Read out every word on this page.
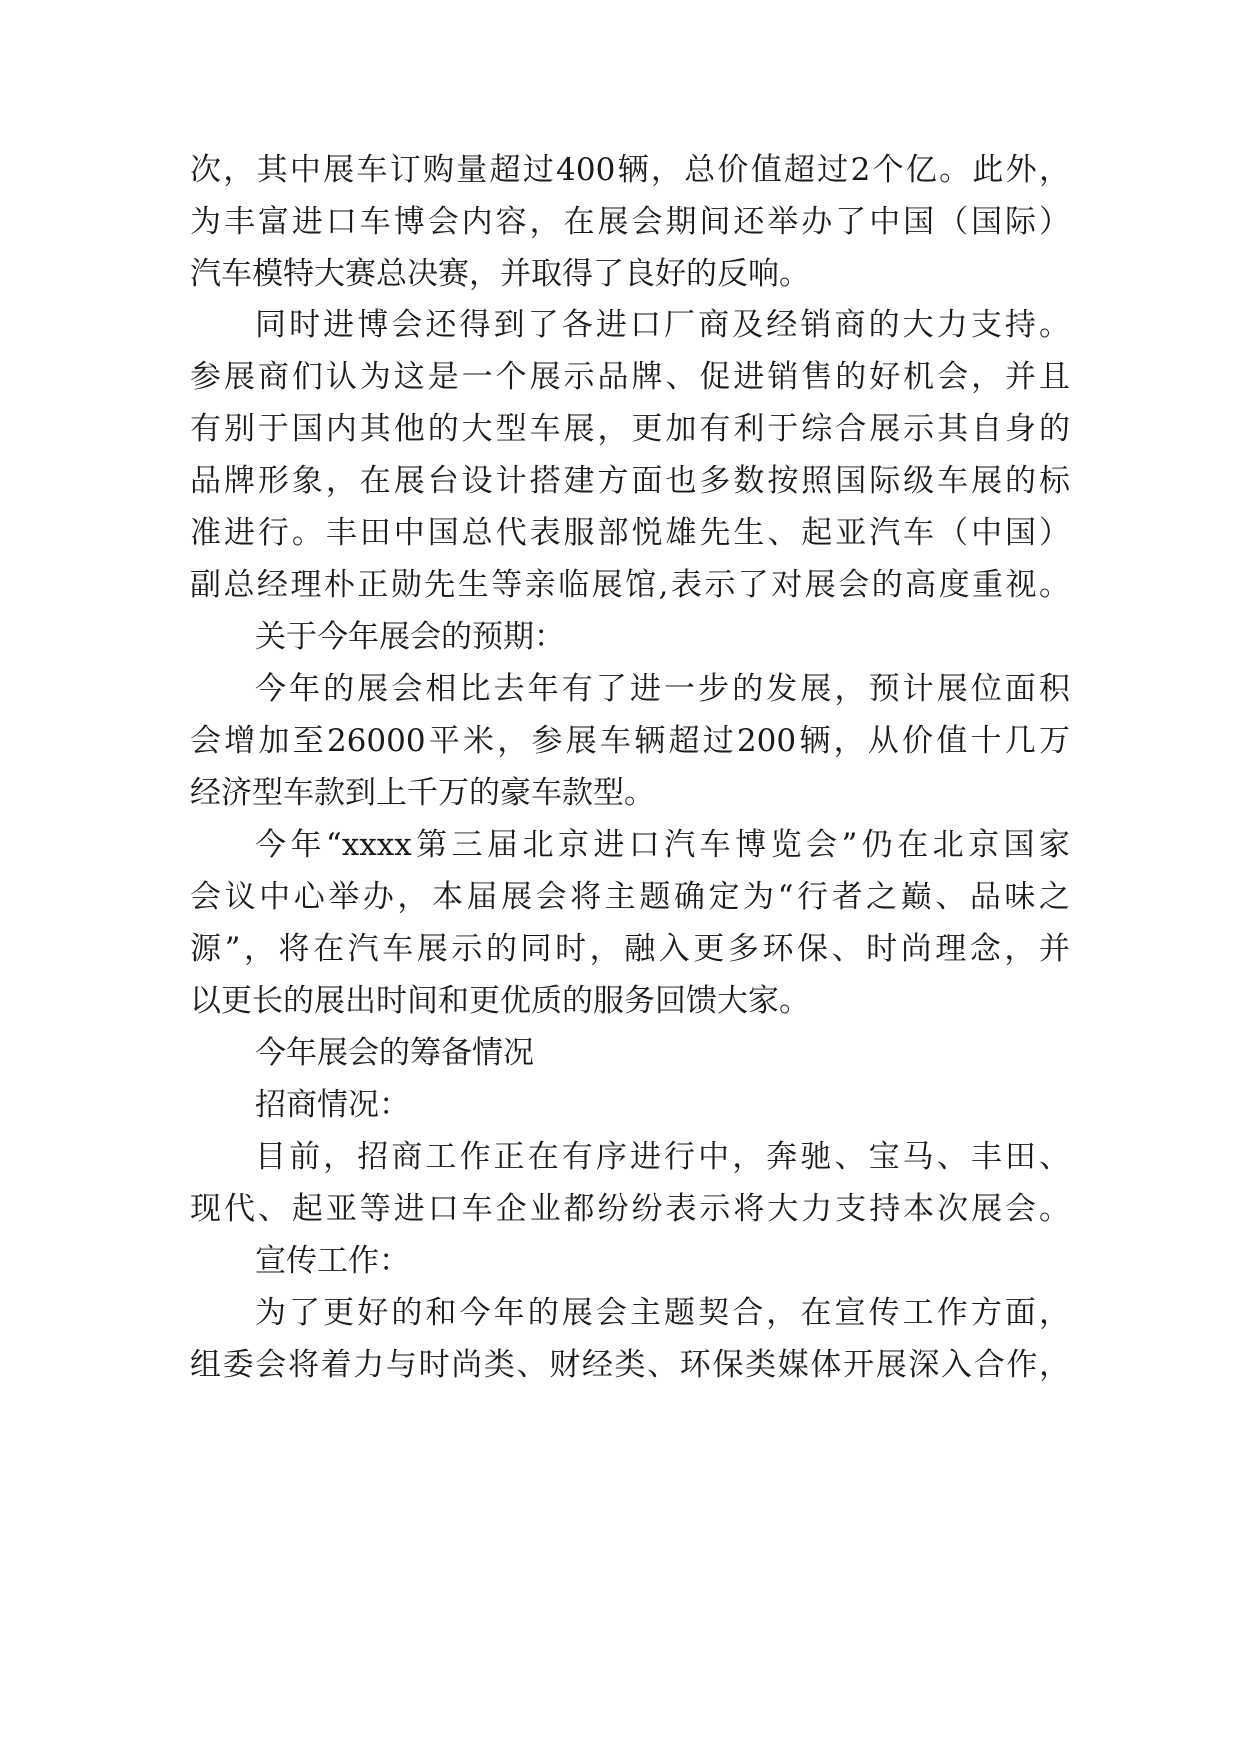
次，其中展车订购量超过400辆，总价值超过2个亿。此外，
为丰富进口车博会内容，在展会期间还举办了中国（国际）
汽车模特大赛总决赛，并取得了良好的反响。
同时进博会还得到了各进口厂商及经销商的大力支持。
参展商们认为这是一个展示品牌、促进销售的好机会，并且
有别于国内其他的大型车展，更加有利于综合展示其自身的
品牌形象，在展台设计搭建方面也多数按照国际级车展的标
准进行。丰田中国总代表服部悦雄先生、起亚汽车（中国）
副总经理朴正勋先生等亲临展馆,表示了对展会的高度重视。
关于今年展会的预期：
今年的展会相比去年有了进一步的发展，预计展位面积
会增加至26000平米，参展车辆超过200辆，从价值十几万
经济型车款到上千万的豪车款型。
今年“xxxx第三届北京进口汽车博览会”仍在北京国家
会议中心举办，本届展会将主题确定为“行者之巅、品味之
源”，将在汽车展示的同时，融入更多环保、时尚理念，并
以更长的展出时间和更优质的服务回馈大家。
今年展会的筹备情况
招商情况：
目前，招商工作正在有序进行中，奔驰、宝马、丰田、
现代、起亚等进口车企业都纷纷表示将大力支持本次展会。
宣传工作：
为了更好的和今年的展会主题契合，在宣传工作方面，
组委会将着力与时尚类、财经类、环保类媒体开展深入合作，
